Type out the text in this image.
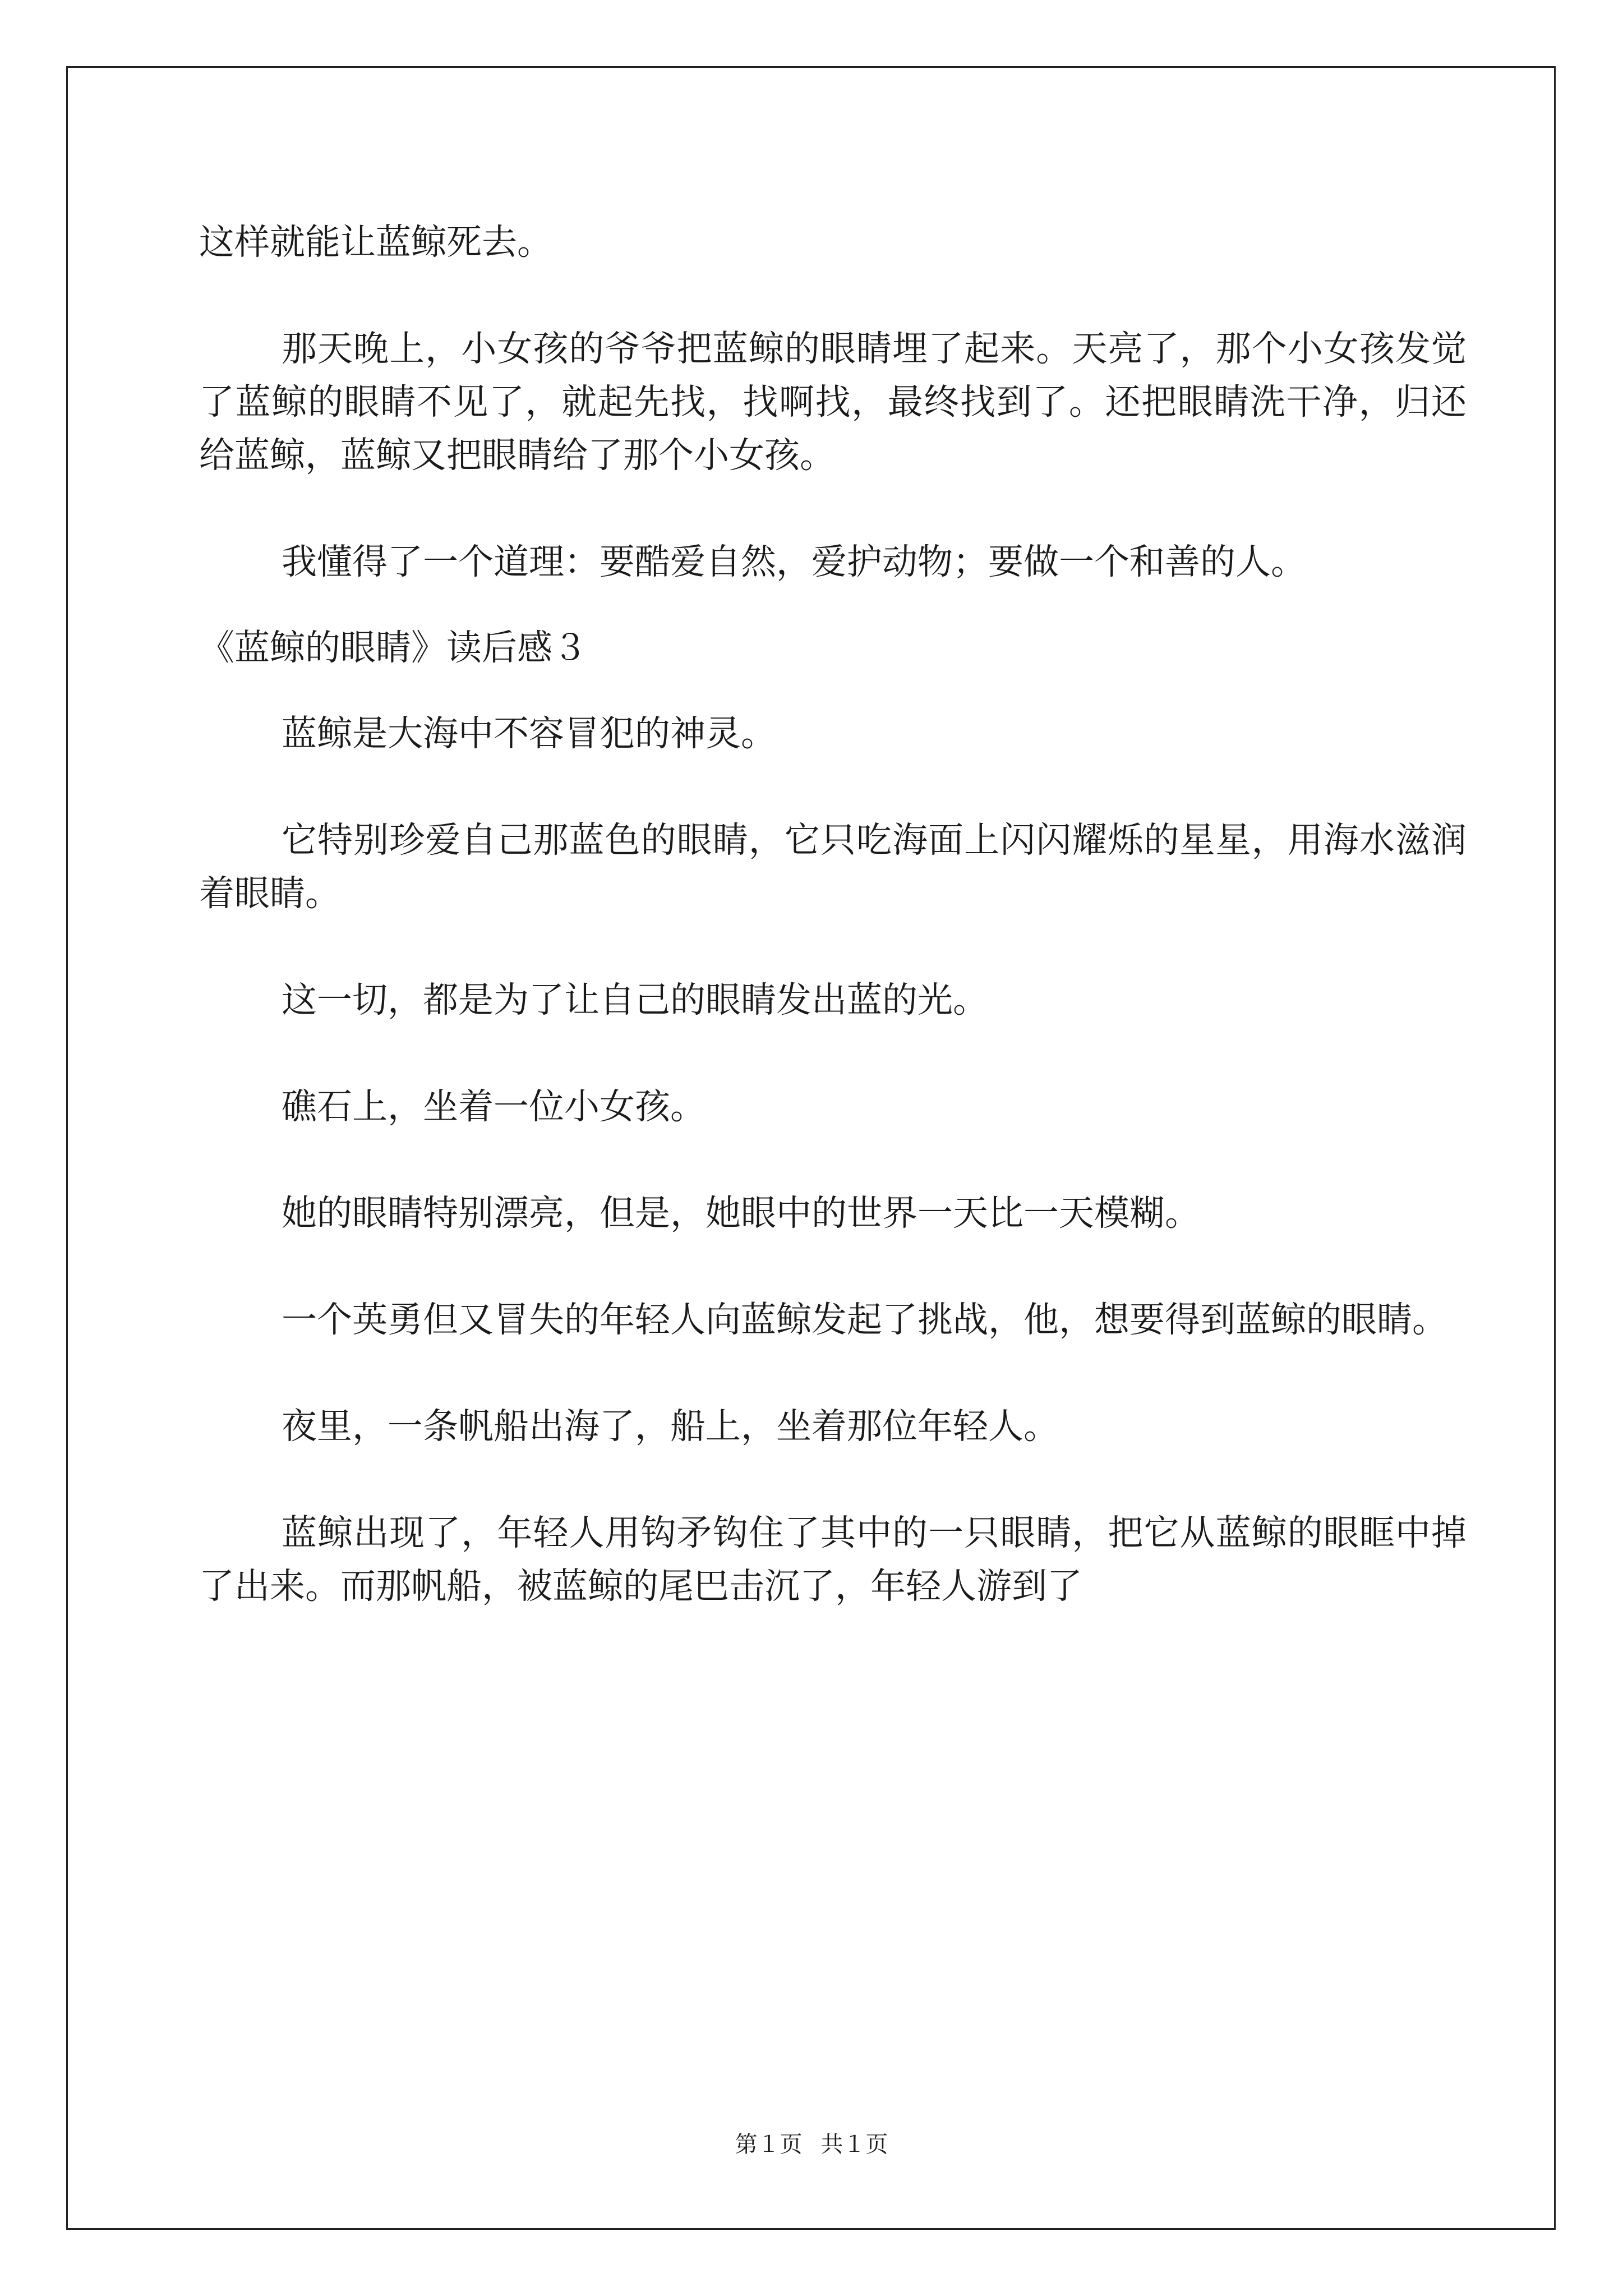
这样就能让蓝鲸死去。

那天晚上，小女孩的爷爷把蓝鲸的眼睛埋了起来。天亮了，那个小女孩发觉了蓝鲸的眼睛不见了，就起先找，找啊找，最终找到了。还把眼睛洗干净，归还给蓝鲸，蓝鲸又把眼睛给了那个小女孩。

我懂得了一个道理：要酷爱自然，爱护动物；要做一个和善的人。

《蓝鲸的眼睛》读后感３

蓝鲸是大海中不容冒犯的神灵。

它特别珍爱自己那蓝色的眼睛，它只吃海面上闪闪耀烁的星星，用海水滋润着眼睛。

这一切，都是为了让自己的眼睛发出蓝的光。

礁石上，坐着一位小女孩。

她的眼睛特别漂亮，但是，她眼中的世界一天比一天模糊。

一个英勇但又冒失的年轻人向蓝鲸发起了挑战，他，想要得到蓝鲸的眼睛。

夜里，一条帆船出海了，船上，坐着那位年轻人。

蓝鲸出现了，年轻人用钩矛钩住了其中的一只眼睛，把它从蓝鲸的眼眶中掉了出来。而那帆船，被蓝鲸的尾巴击沉了，年轻人游到了

第１页 共１页
